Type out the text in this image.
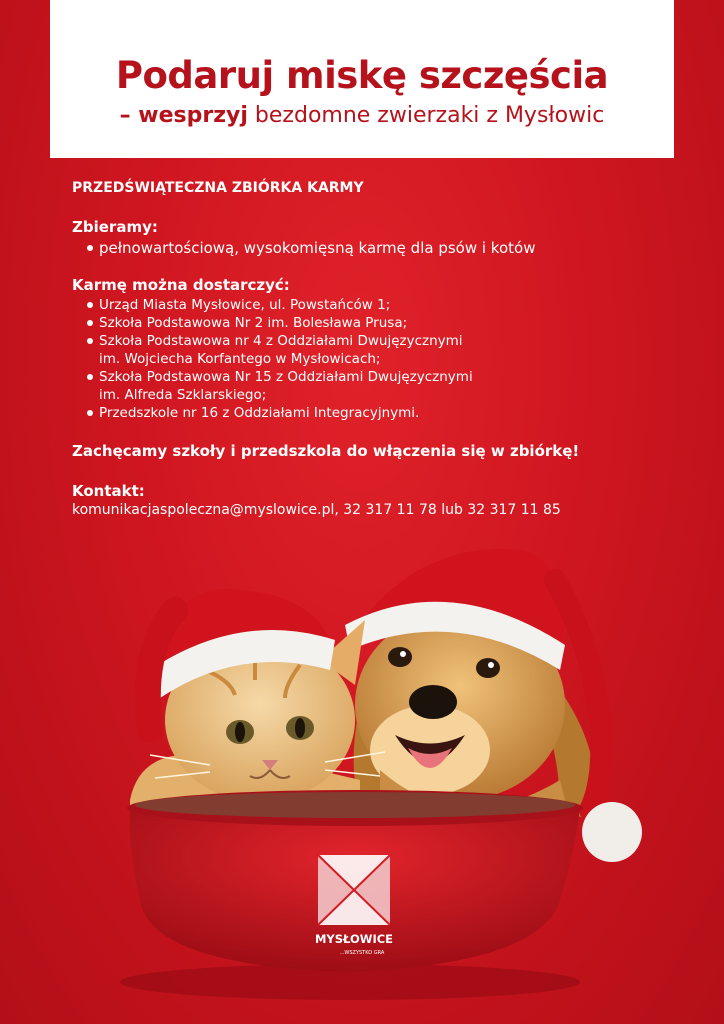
Podaruj miskę szczęścia
– wesprzyj bezdomne zwierzaki z Mysłowic

PRZEDŚWIĄTECZNA ZBIÓRKA KARMY

Zbieramy:

pełnowartościową, wysokomięsną karmę dla psów i kotów

Karmę można dostarczyć:

Urząd Miasta Mysłowice, ul. Powstańców 1;
Szkoła Podstawowa Nr 2 im. Bolesława Prusa;
Szkoła Podstawowa nr 4 z Oddziałami Dwujęzycznymi
im. Wojciecha Korfantego w Mysłowicach;
Szkoła Podstawowa Nr 15 z Oddziałami Dwujęzycznymi
im. Alfreda Szklarskiego;
Przedszkole nr 16 z Oddziałami Integracyjnymi.

Zachęcamy szkoły i przedszkola do włączenia się w zbiórkę!

Kontakt:

komunikacjaspoleczna@myslowice.pl, 32 317 11 78 lub 32 317 11 85

MYSŁOWICE
...WSZYSTKO GRA
